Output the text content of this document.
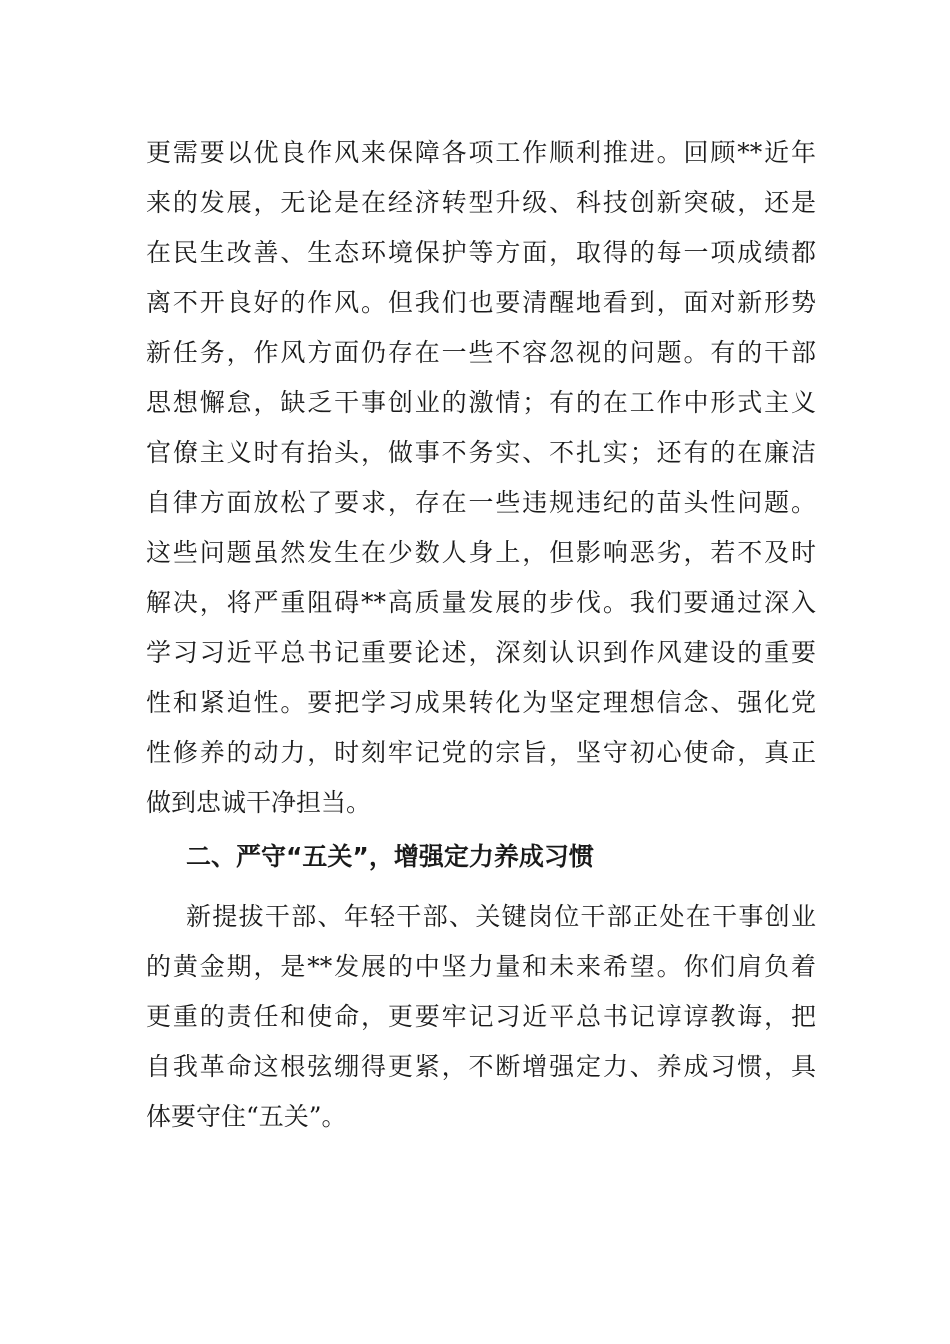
更需要以优良作风来保障各项工作顺利推进。回顾**近年
来的发展，无论是在经济转型升级、科技创新突破，还是
在民生改善、生态环境保护等方面，取得的每一项成绩都
离不开良好的作风。但我们也要清醒地看到，面对新形势
新任务，作风方面仍存在一些不容忽视的问题。有的干部
思想懈怠，缺乏干事创业的激情；有的在工作中形式主义
官僚主义时有抬头，做事不务实、不扎实；还有的在廉洁
自律方面放松了要求，存在一些违规违纪的苗头性问题。
这些问题虽然发生在少数人身上，但影响恶劣，若不及时
解决，将严重阻碍**高质量发展的步伐。我们要通过深入
学习习近平总书记重要论述，深刻认识到作风建设的重要
性和紧迫性。要把学习成果转化为坚定理想信念、强化党
性修养的动力，时刻牢记党的宗旨，坚守初心使命，真正
做到忠诚干净担当。
二、严守“五关”，增强定力养成习惯
新提拔干部、年轻干部、关键岗位干部正处在干事创业
的黄金期，是**发展的中坚力量和未来希望。你们肩负着
更重的责任和使命，更要牢记习近平总书记谆谆教诲，把
自我革命这根弦绷得更紧，不断增强定力、养成习惯，具
体要守住“五关”。
